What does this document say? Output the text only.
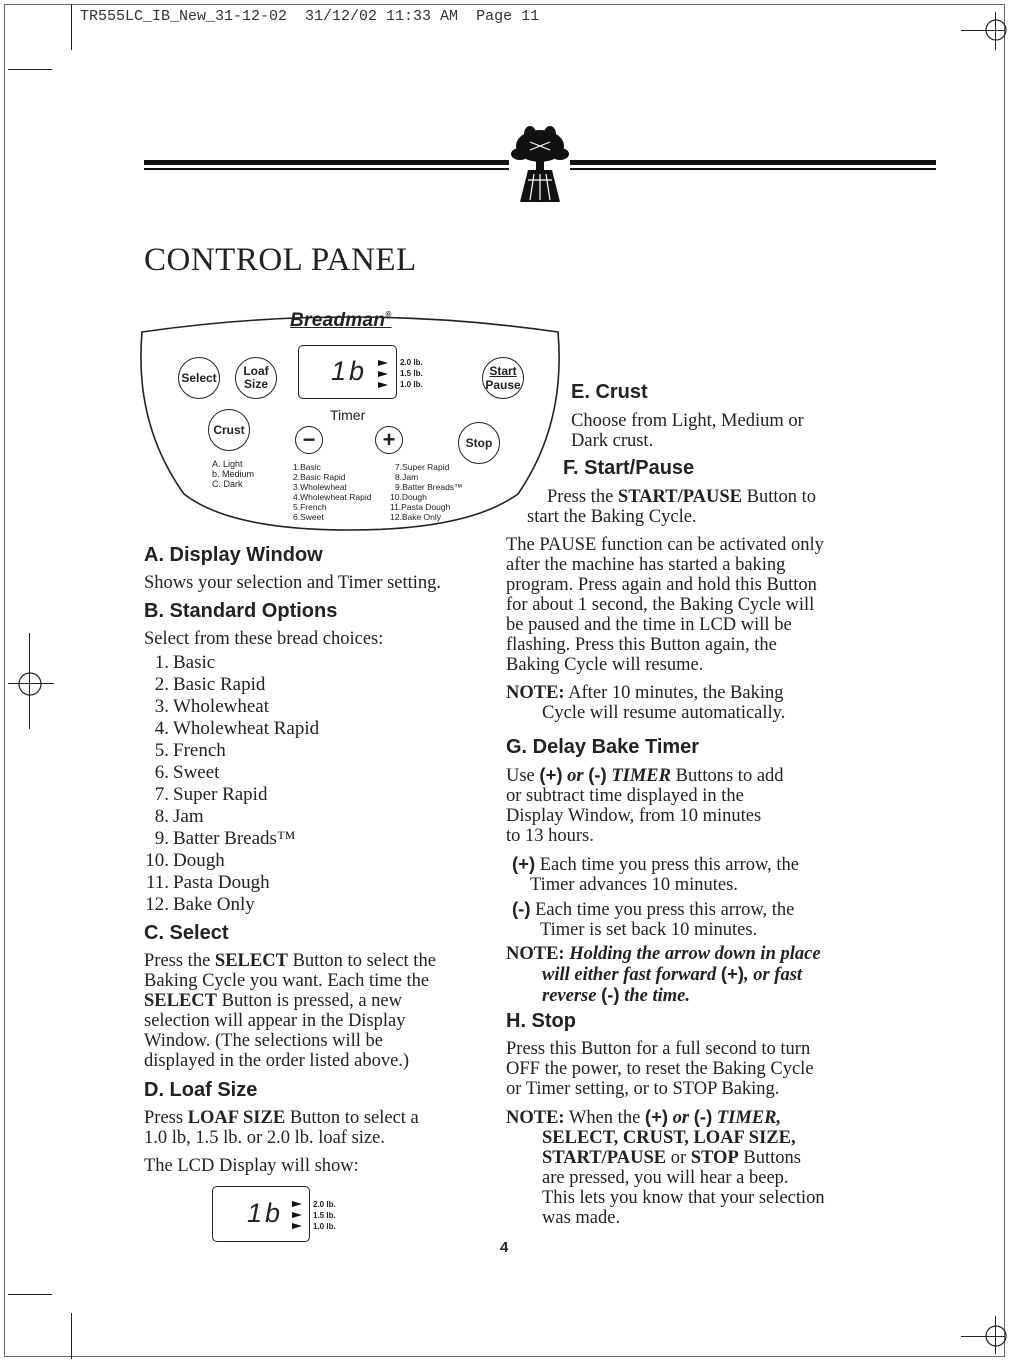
TR555LC_IB_New_31-12-02  31/12/02 11:33 AM  Page 11
CONTROL PANEL
Breadman®
Select Loaf
Size
Start
Pause
Crust
Stop
−	+
Timer
1b	2.0 lb.
1.5 lb.
1.0 lb.
A. Light
b. Medium
C. Dark
1.Basic
2.Basic Rapid
3.Wholewheat
4.Wholewheat Rapid
5.French
6.Sweet
7.Super Rapid
8.Jam
9.Batter Breads™
10.Dough
11.Pasta Dough
12.Bake Only
A. Display Window
Shows your selection and Timer setting.
B. Standard Options
Select from these bread choices:
1. Basic
2. Basic Rapid
3. Wholewheat
4. Wholewheat Rapid
5. French
6. Sweet
7. Super Rapid
8. Jam
9. Batter Breads™
10. Dough
11. Pasta Dough
12. Bake Only
C. Select
Press the SELECT Button to select the
Baking Cycle you want. Each time the
SELECT Button is pressed, a new
selection will appear in the Display
Window. (The selections will be
displayed in the order listed above.)
D. Loaf Size
Press LOAF SIZE Button to select a
1.0 lb, 1.5 lb. or 2.0 lb. loaf size.
The LCD Display will show:
1b	2.0 lb.
1.5 lb.
1.0 lb.
E. Crust
Choose from Light, Medium or
Dark crust.
F. Start/Pause
Press the START/PAUSE Button to
start the Baking Cycle.
The PAUSE function can be activated only
after the machine has started a baking
program. Press again and hold this Button
for about 1 second, the Baking Cycle will
be paused and the time in LCD will be
flashing. Press this Button again, the
Baking Cycle will resume.
NOTE: After 10 minutes, the Baking
Cycle will resume automatically.
G. Delay Bake Timer
Use (+) or (-) TIMER Buttons to add
or subtract time displayed in the
Display Window, from 10 minutes
to 13 hours.
(+) Each time you press this arrow, the
Timer advances 10 minutes.
(-) Each time you press this arrow, the
Timer is set back 10 minutes.
NOTE: Holding the arrow down in place
will either fast forward (+), or fast
reverse (-) the time.
H. Stop
Press this Button for a full second to turn
OFF the power, to reset the Baking Cycle
or Timer setting, or to STOP Baking.
NOTE: When the (+) or (-) TIMER,
SELECT, CRUST, LOAF SIZE,
START/PAUSE or STOP Buttons
are pressed, you will hear a beep.
This lets you know that your selection
was made.
4
